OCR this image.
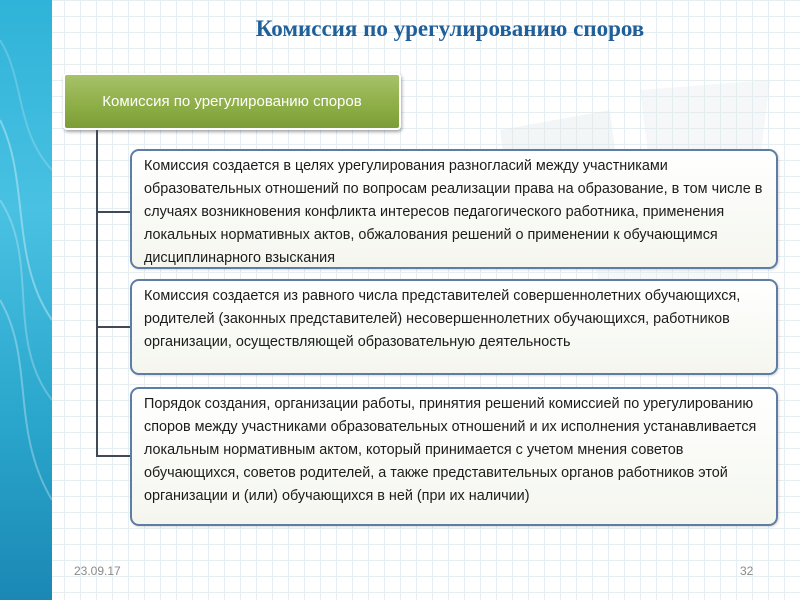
Комиссия по урегулированию споров
Комиссия по урегулированию споров
Комиссия создается в целях урегулирования разногласий между участниками образовательных отношений по вопросам реализации права на образование, в том числе в случаях возникновения конфликта интересов педагогического работника, применения локальных нормативных актов, обжалования решений о применении к обучающимся дисциплинарного взыскания
Комиссия создается из равного числа представителей совершеннолетних обучающихся, родителей (законных представителей) несовершеннолетних обучающихся, работников организации, осуществляющей образовательную деятельность
Порядок создания, организации работы, принятия решений комиссией по урегулированию споров между участниками образовательных отношений и их исполнения устанавливается локальным нормативным актом, который принимается с учетом мнения советов обучающихся, советов родителей, а также представительных органов работников этой организации и (или) обучающихся в ней (при их наличии)
23.09.17	32
